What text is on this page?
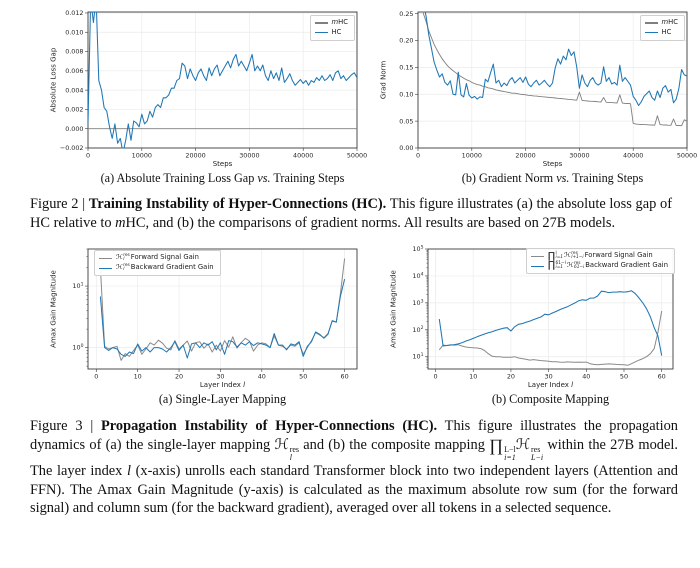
0	10000	20000	30000	40000	50000
−0.002
0.000
0.002
0.004
0.006
0.008
0.010
0.012
Absolute Loss Gap
m HC
HC
Steps
(a) Absolute Training Loss Gap vs. Training Steps
0	10000	20000	30000	40000	50000
0.00
0.05
0.10
0.15
0.20
0.25
Grad Norm
m HC
HC
Steps
(b) Gradient Norm vs. Training Steps

Figure 2 | Training Instability of Hyper-Connections (HC). This figure illustrates (a) the absolute loss gap of HC relative to mHC, and (b) the comparisons of gradient norms. All results are based on 27B models.

0	10	20	30	40	50	60
$10^0$
$10^1$
Amax Gain Magnitude
ℋ res
l Forward Signal Gain
ℋ res
l Backward Gradient Gain
Layer Index l
(a) Single-Layer Mapping
0	10	20	30	40	50	60
$10^1$
$10^2$
$10^3$
$10^4$
$10^5$
Amax Gain Magnitude
∏ l
i=1 ℋ res
l+1−i Forward Signal Gain
∏ 61−l
i=1 ℋ res
61−i Backward Gradient Gain
Layer Index l
(b) Composite Mapping

Figure 3 | Propagation Instability of Hyper-Connections (HC). This figure illustrates the propagation dynamics of (a) the single-layer mapping ℋ res
l
and (b) the composite mapping ∏ L−l
i=1
ℋ res
L−i
within the 27B model. The layer index l (x-axis) unrolls each standard Transformer block into two independent layers (Attention and FFN). The Amax Gain Magnitude (y-axis) is calculated as the maximum absolute row sum (for the forward signal) and column sum (for the backward gradient), averaged over all tokens in a selected sequence.
